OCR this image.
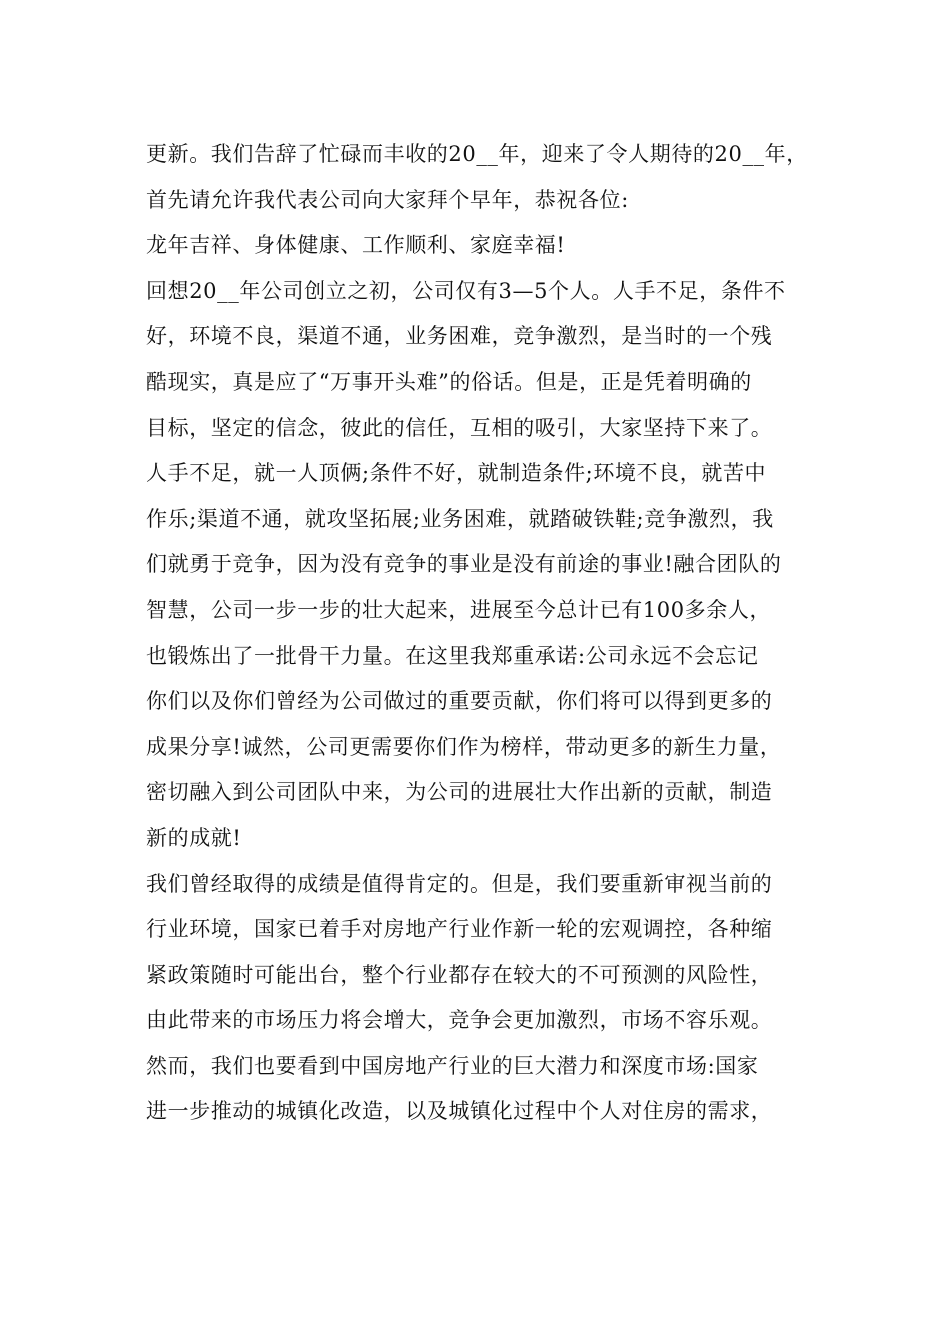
更新。我们告辞了忙碌而丰收的20__年，迎来了令人期待的20__年，
首先请允许我代表公司向大家拜个早年，恭祝各位:
龙年吉祥、身体健康、工作顺利、家庭幸福!
回想20__年公司创立之初，公司仅有3—5个人。人手不足，条件不
好，环境不良，渠道不通，业务困难，竞争激烈，是当时的一个残
酷现实，真是应了“万事开头难”的俗话。但是，正是凭着明确的
目标，坚定的信念，彼此的信任，互相的吸引，大家坚持下来了。
人手不足，就一人顶俩;条件不好，就制造条件;环境不良，就苦中
作乐;渠道不通，就攻坚拓展;业务困难，就踏破铁鞋;竞争激烈，我
们就勇于竞争，因为没有竞争的事业是没有前途的事业!融合团队的
智慧，公司一步一步的壮大起来，进展至今总计已有100多余人，
也锻炼出了一批骨干力量。在这里我郑重承诺:公司永远不会忘记
你们以及你们曾经为公司做过的重要贡献，你们将可以得到更多的
成果分享!诚然，公司更需要你们作为榜样，带动更多的新生力量，
密切融入到公司团队中来，为公司的进展壮大作出新的贡献，制造
新的成就!
我们曾经取得的成绩是值得肯定的。但是，我们要重新审视当前的
行业环境，国家已着手对房地产行业作新一轮的宏观调控，各种缩
紧政策随时可能出台，整个行业都存在较大的不可预测的风险性，
由此带来的市场压力将会增大，竞争会更加激烈，市场不容乐观。
然而，我们也要看到中国房地产行业的巨大潜力和深度市场:国家
进一步推动的城镇化改造，以及城镇化过程中个人对住房的需求，
